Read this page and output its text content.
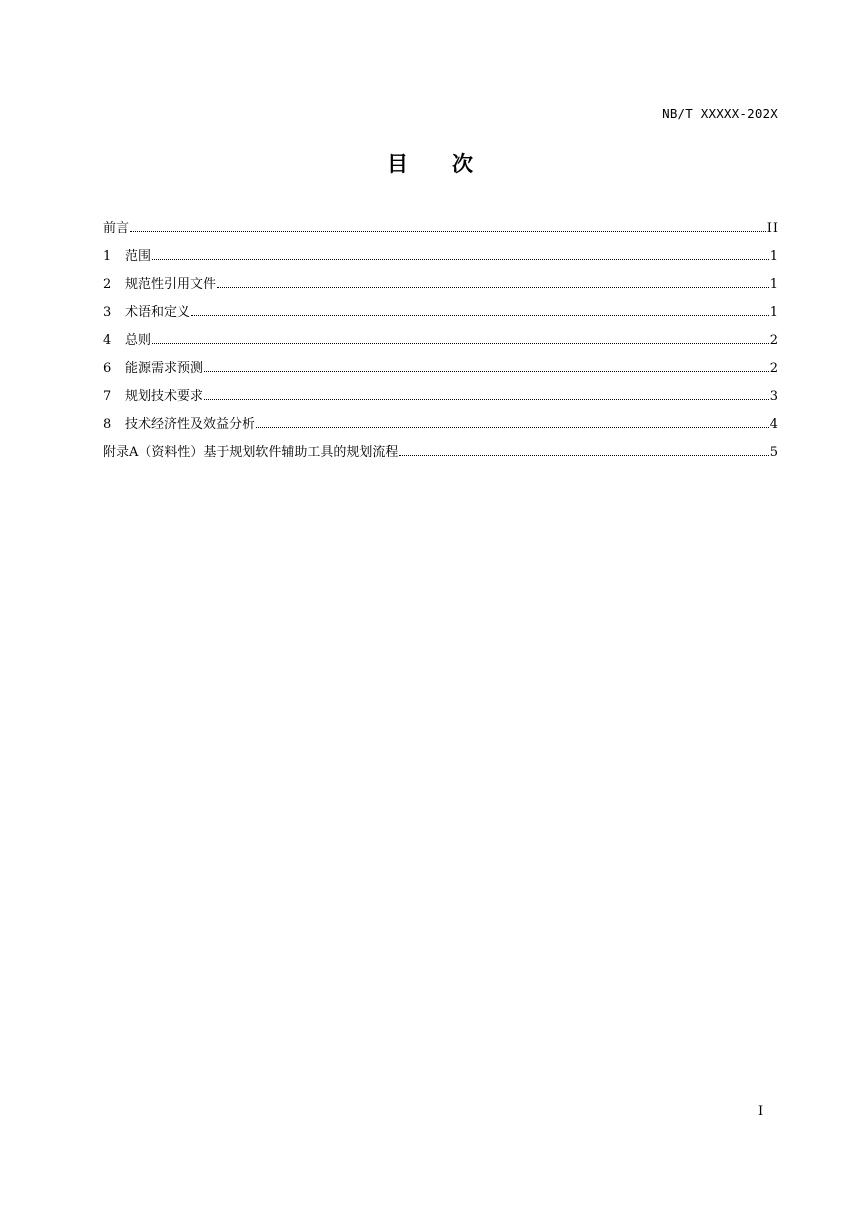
NB/T XXXXX-202X
目次
前言	II
1	范围	1
2	规范性引用文件	1
3	术语和定义	1
4	总则	2
6	能源需求预测	2
7	规划技术要求	3
8	技术经济性及效益分析	4
附录A（资料性）基于规划软件辅助工具的规划流程	5
I
